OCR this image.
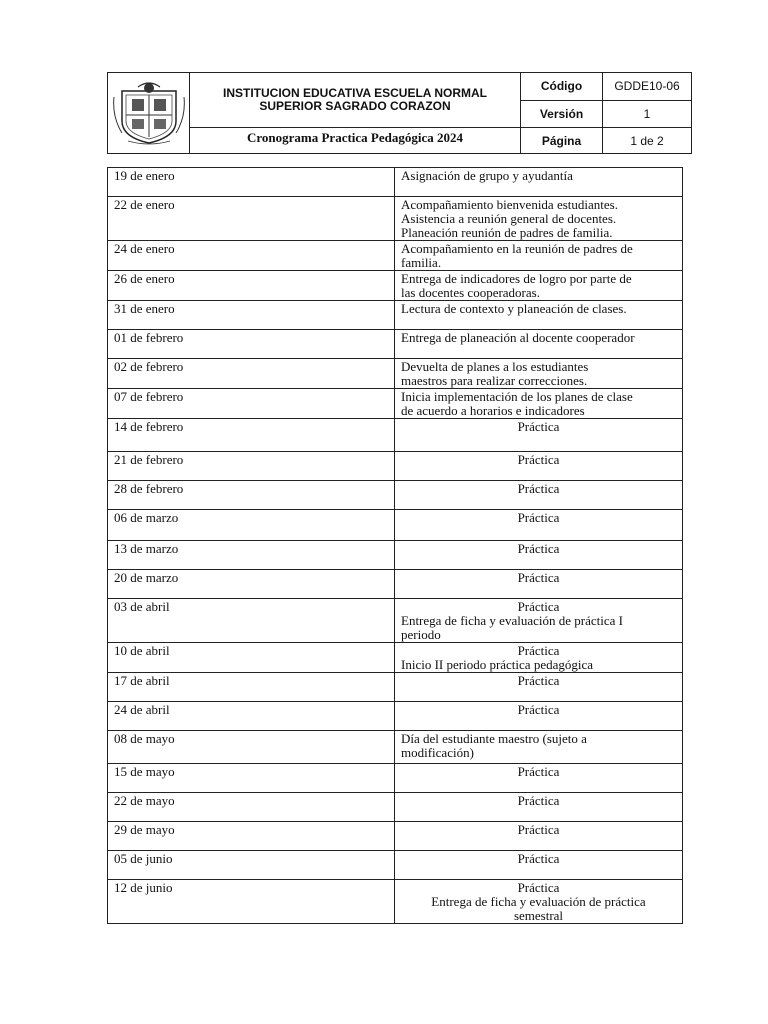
	INSTITUCION EDUCATIVA ESCUELA NORMAL
SUPERIOR SAGRADO CORAZON	Código	GDDE10-06
		Versión	1
	Cronograma Practica Pedagógica 2024	Página	1 de 2
19 de enero	Asignación de grupo y ayudantía

22 de enero	Acompañamiento bienvenida estudiantes.
Asistencia a reunión general de docentes.
Planeación reunión de padres de familia.

24 de enero	Acompañamiento en la reunión de padres de
familia.

26 de enero	Entrega de indicadores de logro por parte de
las docentes cooperadoras.

31 de enero	Lectura de contexto y planeación de clases.

01 de febrero	Entrega de planeación al docente cooperador

02 de febrero	Devuelta de planes a los estudiantes
maestros para realizar correcciones.

07 de febrero	Inicia implementación de los planes de clase
de acuerdo a horarios e indicadores

14 de febrero	Práctica

21 de febrero	Práctica

28 de febrero	Práctica

06 de marzo	Práctica

13 de marzo	Práctica

20 de marzo	Práctica

03 de abril	Práctica
Entrega de ficha y evaluación de práctica I
periodo

10 de abril	Práctica
Inicio II periodo práctica pedagógica

17 de abril	Práctica

24 de abril	Práctica

08 de mayo	Día del estudiante maestro (sujeto a
modificación)

15 de mayo	Práctica

22 de mayo	Práctica

29 de mayo	Práctica

05 de junio	Práctica

12 de junio	Práctica
Entrega de ficha y evaluación de práctica
semestral
